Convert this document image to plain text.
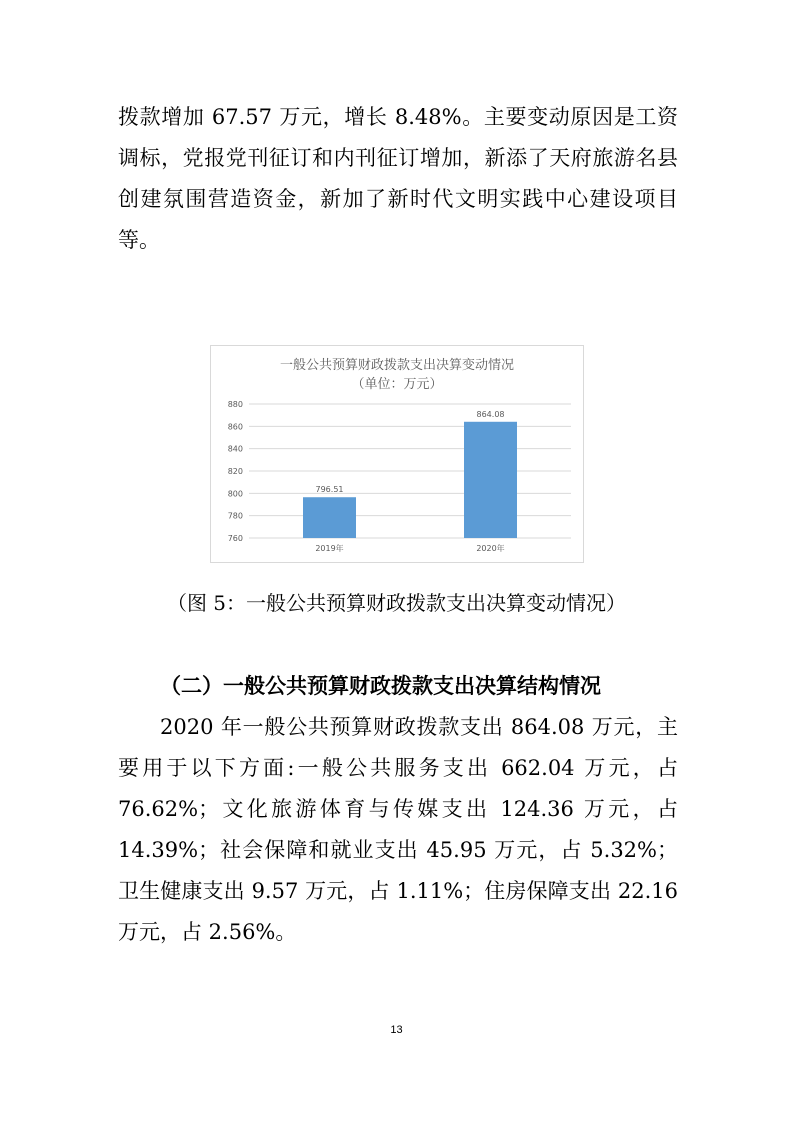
拨款增加 67.57 万元，增长 8.48%。主要变动原因是工资调标，党报党刊征订和内刊征订增加，新添了天府旅游名县创建氛围营造资金，新加了新时代文明实践中心建设项目等。

一般公共预算财政拨款支出决算变动情况
（单位：万元）
760
780
800
820
840
860
880
796.51
2019年
864.08
2020年

（图 5：一般公共预算财政拨款支出决算变动情况）

（二）一般公共预算财政拨款支出决算结构情况

2020 年一般公共预算财政拨款支出 864.08 万元，主要用于以下方面:一般公共服务支出 662.04 万元，占 76.62%；文化旅游体育与传媒支出 124.36 万元，占 14.39%；社会保障和就业支出 45.95 万元，占 5.32%；卫生健康支出 9.57 万元，占 1.11%；住房保障支出 22.16 万元，占 2.56%。

13
